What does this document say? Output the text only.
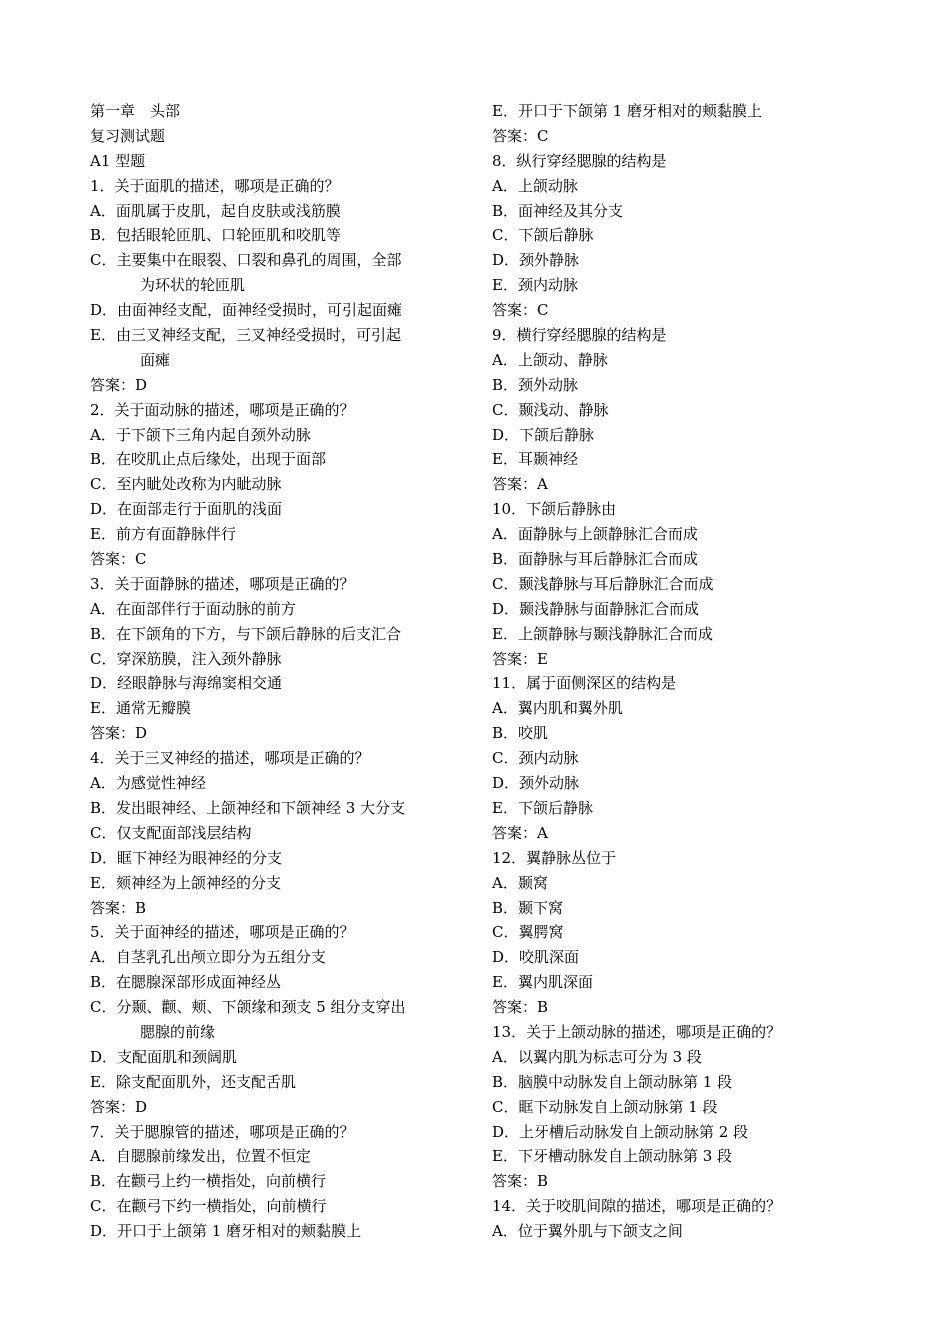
第一章　头部
复习测试题
A1 型题
1．关于面肌的描述，哪项是正确的？
A．面肌属于皮肌，起自皮肤或浅筋膜
B．包括眼轮匝肌、口轮匝肌和咬肌等
C．主要集中在眼裂、口裂和鼻孔的周围，全部
为环状的轮匝肌
D．由面神经支配，面神经受损时，可引起面瘫
E．由三叉神经支配，三叉神经受损时，可引起
面瘫
答案：D
2．关于面动脉的描述，哪项是正确的？
A．于下颌下三角内起自颈外动脉
B．在咬肌止点后缘处，出现于面部
C．至内眦处改称为内眦动脉
D．在面部走行于面肌的浅面
E．前方有面静脉伴行
答案：C
3．关于面静脉的描述，哪项是正确的？
A．在面部伴行于面动脉的前方
B．在下颌角的下方，与下颌后静脉的后支汇合
C．穿深筋膜，注入颈外静脉
D．经眼静脉与海绵窦相交通
E．通常无瓣膜
答案：D
4．关于三叉神经的描述，哪项是正确的？
A．为感觉性神经
B．发出眼神经、上颌神经和下颌神经 3 大分支
C．仅支配面部浅层结构
D．眶下神经为眼神经的分支
E．颏神经为上颌神经的分支
答案：B
5．关于面神经的描述，哪项是正确的？
A．自茎乳孔出颅立即分为五组分支
B．在腮腺深部形成面神经丛
C．分颞、颧、颊、下颌缘和颈支 5 组分支穿出
腮腺的前缘
D．支配面肌和颈阔肌
E．除支配面肌外，还支配舌肌
答案：D
7．关于腮腺管的描述，哪项是正确的？
A．自腮腺前缘发出，位置不恒定
B．在颧弓上约一横指处，向前横行
C．在颧弓下约一横指处，向前横行
D．开口于上颌第 1 磨牙相对的颊黏膜上
E．开口于下颌第 1 磨牙相对的颊黏膜上
答案：C
8．纵行穿经腮腺的结构是
A．上颌动脉
B．面神经及其分支
C．下颌后静脉
D．颈外静脉
E．颈内动脉
答案：C
9．横行穿经腮腺的结构是
A．上颌动、静脉
B．颈外动脉
C．颞浅动、静脉
D．下颌后静脉
E．耳颞神经
答案：A
10．下颌后静脉由
A．面静脉与上颌静脉汇合而成
B．面静脉与耳后静脉汇合而成
C．颞浅静脉与耳后静脉汇合而成
D．颞浅静脉与面静脉汇合而成
E．上颌静脉与颞浅静脉汇合而成
答案：E
11．属于面侧深区的结构是
A．翼内肌和翼外肌
B．咬肌
C．颈内动脉
D．颈外动脉
E．下颌后静脉
答案：A
12．翼静脉丛位于
A．颞窝
B．颞下窝
C．翼腭窝
D．咬肌深面
E．翼内肌深面
答案：B
13．关于上颌动脉的描述，哪项是正确的？
A．以翼内肌为标志可分为 3 段
B．脑膜中动脉发自上颌动脉第 1 段
C．眶下动脉发自上颌动脉第 1 段
D．上牙槽后动脉发自上颌动脉第 2 段
E．下牙槽动脉发自上颌动脉第 3 段
答案：B
14．关于咬肌间隙的描述，哪项是正确的？
A．位于翼外肌与下颌支之间
